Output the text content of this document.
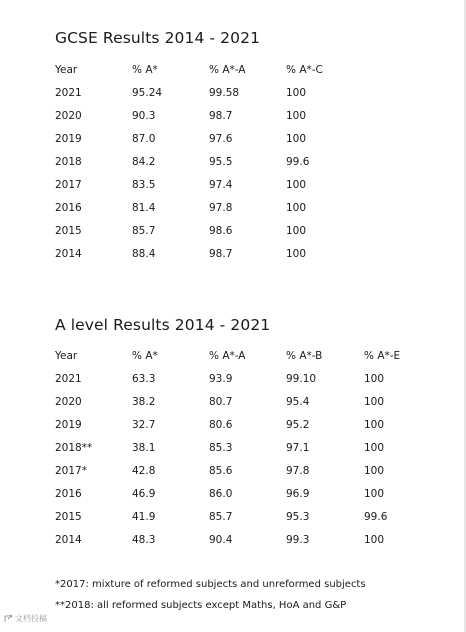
GCSE Results 2014 - 2021
Year	% A*	% A*-A	% A*-C
2021	95.24	99.58	100
2020	90.3	98.7	100
2019	87.0	97.6	100
2018	84.2	95.5	99.6
2017	83.5	97.4	100
2016	81.4	97.8	100
2015	85.7	98.6	100
2014	88.4	98.7	100
A level Results 2014 - 2021
Year	% A*	% A*-A	% A*-B	% A*-E
2021	63.3	93.9	99.10	100
2020	38.2	80.7	95.4	100
2019	32.7	80.6	95.2	100
2018**	38.1	85.3	97.1	100
2017*	42.8	85.6	97.8	100
2016	46.9	86.0	96.9	100
2015	41.9	85.7	95.3	99.6
2014	48.3	90.4	99.3	100
*2017: mixture of reformed subjects and unreformed subjects
**2018: all reformed subjects except Maths, HoA and G&P
文档投稿
